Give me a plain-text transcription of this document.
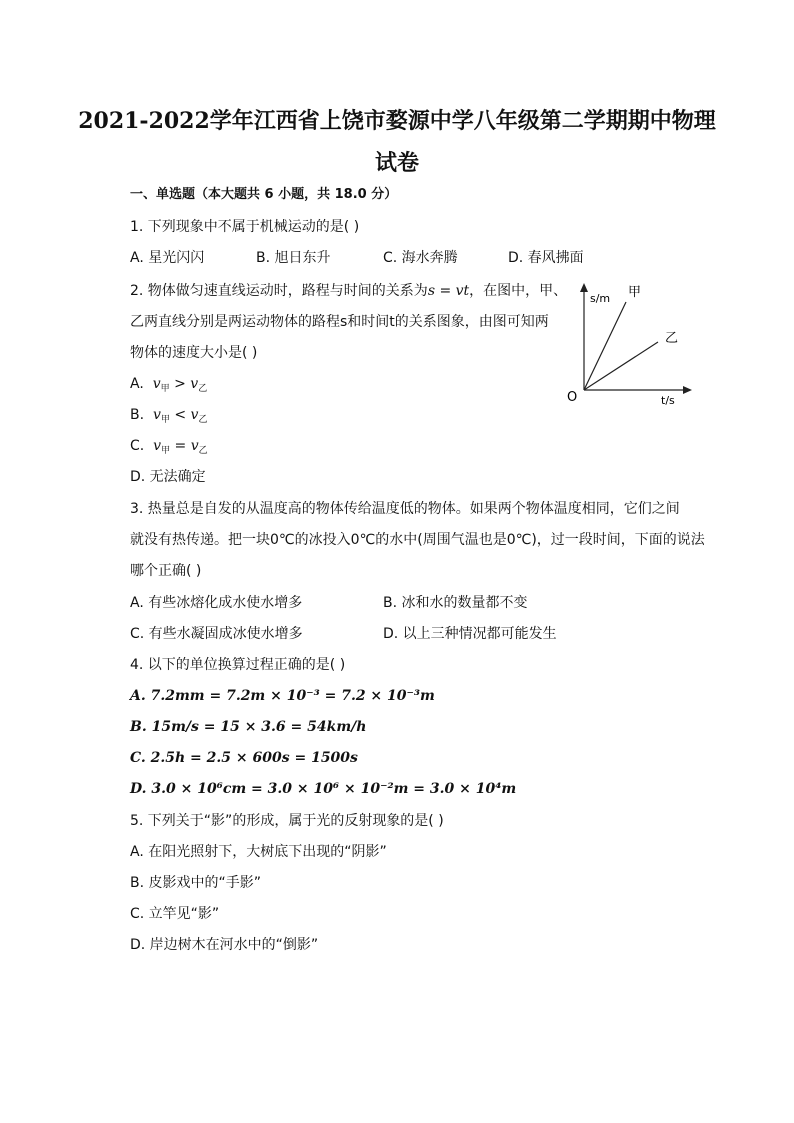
2021-2022学年江西省上饶市婺源中学八年级第二学期期中物理
试卷
一、单选题（本大题共 6 小题，共 18.0 分）
1. 下列现象中不属于机械运动的是( )
A. 星光闪闪	B. 旭日东升	C. 海水奔腾	D. 春风拂面
2. 物体做匀速直线运动时，路程与时间的关系为s = vt，在图中，甲、
乙两直线分别是两运动物体的路程s和时间t的关系图象，由图可知两
物体的速度大小是( )
A. $v_甲 > v_乙$
B. $v_甲 < v_乙$
C. $v_甲 = v_乙$
D. 无法确定
s/m
t/s
O
甲
乙
3. 热量总是自发的从温度高的物体传给温度低的物体。如果两个物体温度相同，它们之间
就没有热传递。把一块0℃的冰投入0℃的水中(周围气温也是0℃)，过一段时间，下面的说法
哪个正确( )
A. 有些冰熔化成水使水增多	B. 冰和水的数量都不变
C. 有些水凝固成冰使水增多	D. 以上三种情况都可能发生
4. 以下的单位换算过程正确的是( )
A. 7.2mm = 7.2m × 10⁻³ = 7.2 × 10⁻³m
B. 15m/s = 15 × 3.6 = 54km/h
C. 2.5h = 2.5 × 600s = 1500s
D. 3.0 × 10⁶cm = 3.0 × 10⁶ × 10⁻²m = 3.0 × 10⁴m
5. 下列关于“影”的形成，属于光的反射现象的是( )
A. 在阳光照射下，大树底下出现的“阴影”
B. 皮影戏中的“手影”
C. 立竿见“影”
D. 岸边树木在河水中的“倒影”
